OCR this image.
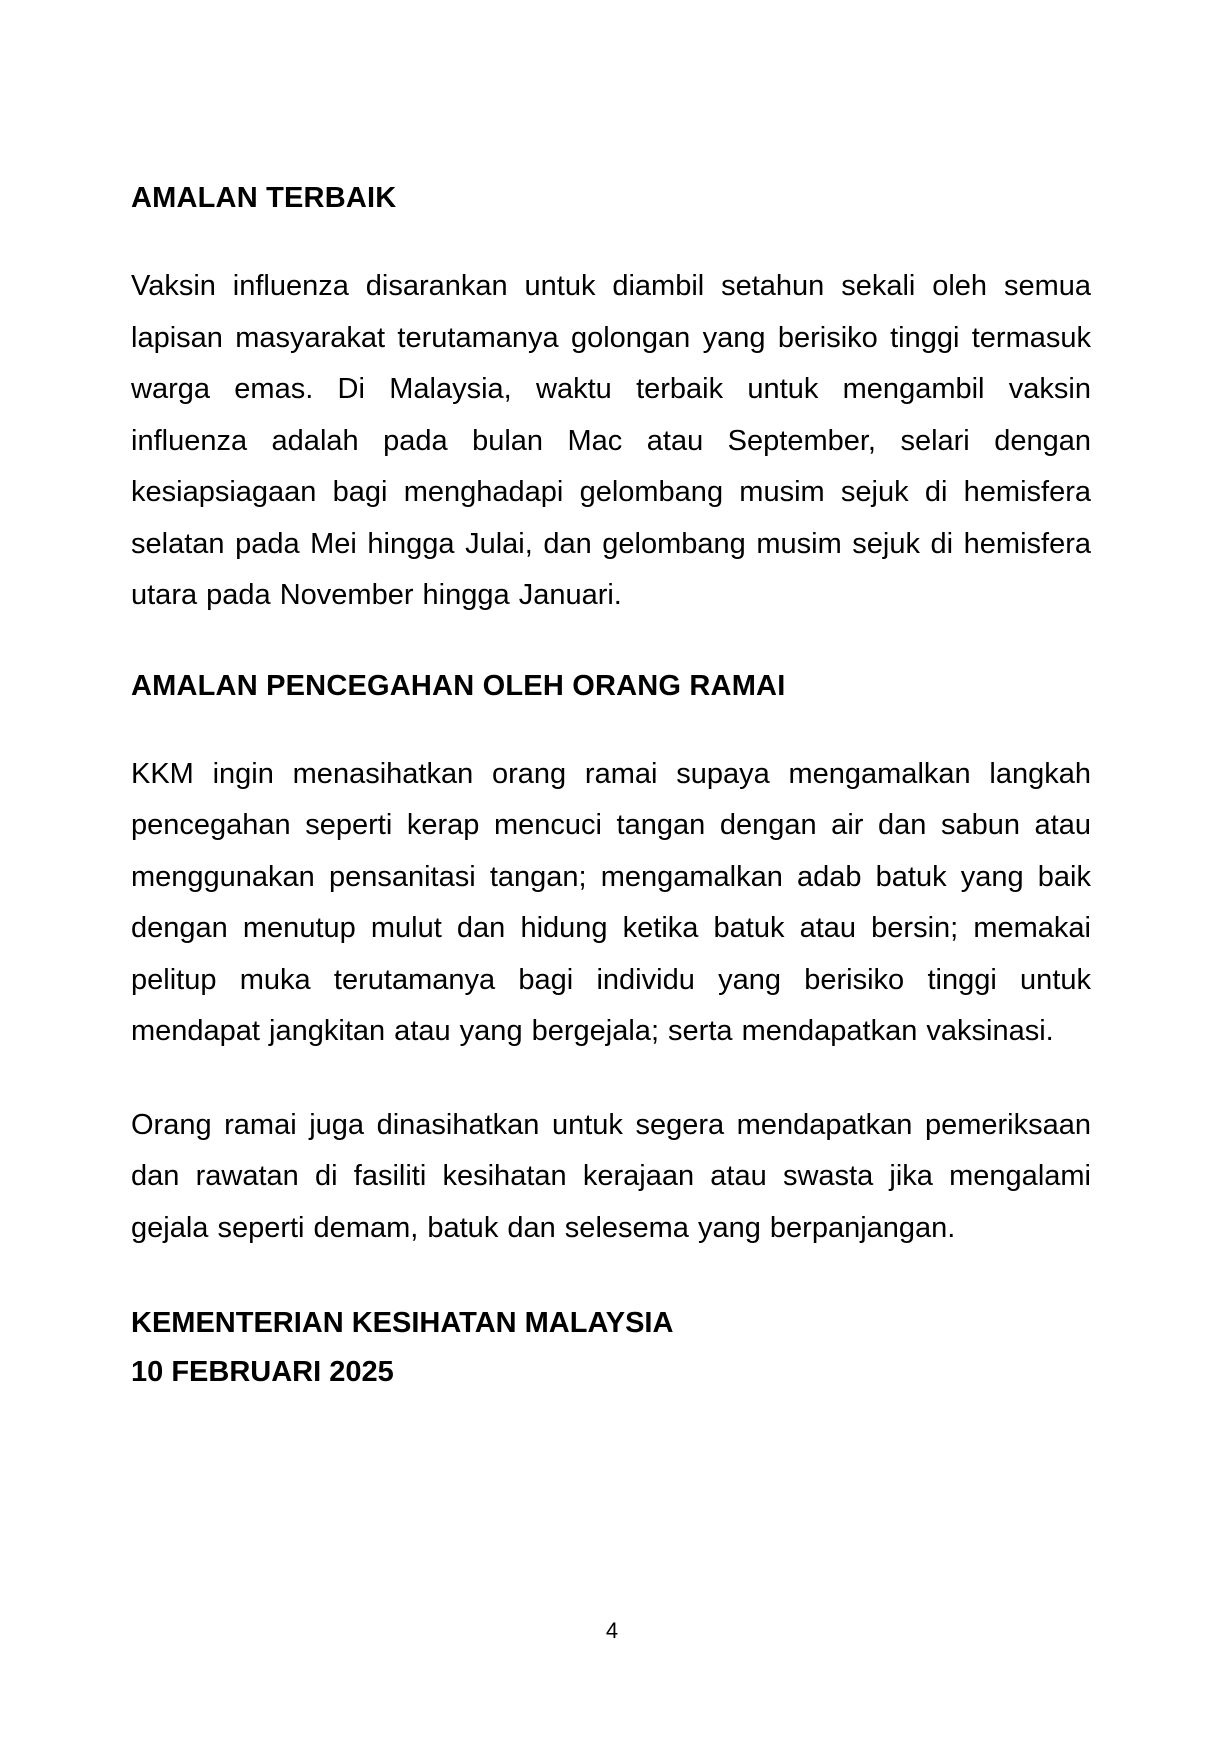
AMALAN TERBAIK

Vaksin influenza disarankan untuk diambil setahun sekali oleh semua lapisan masyarakat terutamanya golongan yang berisiko tinggi termasuk warga emas. Di Malaysia, waktu terbaik untuk mengambil vaksin influenza adalah pada bulan Mac atau September, selari dengan kesiapsiagaan bagi menghadapi gelombang musim sejuk di hemisfera selatan pada Mei hingga Julai, dan gelombang musim sejuk di hemisfera utara pada November hingga Januari.

AMALAN PENCEGAHAN OLEH ORANG RAMAI

KKM ingin menasihatkan orang ramai supaya mengamalkan langkah pencegahan seperti kerap mencuci tangan dengan air dan sabun atau menggunakan pensanitasi tangan; mengamalkan adab batuk yang baik dengan menutup mulut dan hidung ketika batuk atau bersin; memakai pelitup muka terutamanya bagi individu yang berisiko tinggi untuk mendapat jangkitan atau yang bergejala; serta mendapatkan vaksinasi.

Orang ramai juga dinasihatkan untuk segera mendapatkan pemeriksaan dan rawatan di fasiliti kesihatan kerajaan atau swasta jika mengalami gejala seperti demam, batuk dan selesema yang berpanjangan.

KEMENTERIAN KESIHATAN MALAYSIA

10 FEBRUARI 2025

4
